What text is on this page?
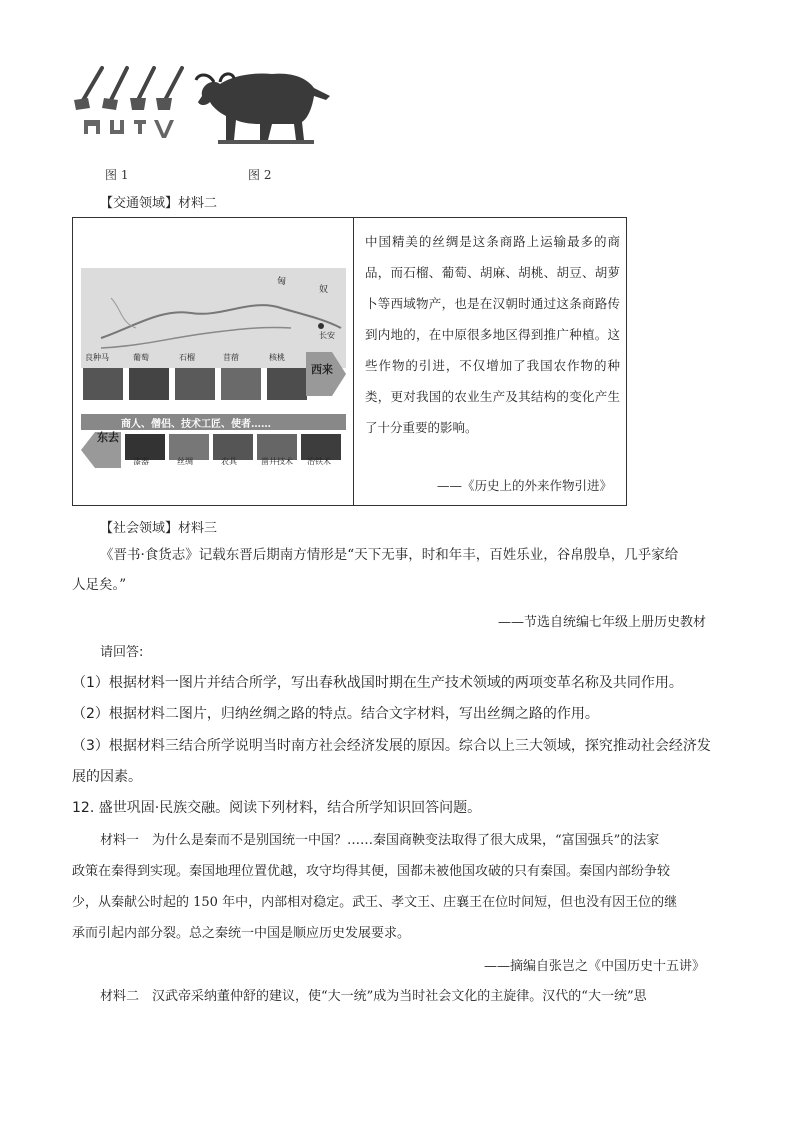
图 1	图 2
【交通领域】材料二
匈
奴
长安
良种马	葡萄	石榴	苜蓿	核桃
西来
商人、僧侣、技术工匠、使者……
东去
漆器	丝绸	农具	凿井技术 冶铁术
中国精美的丝绸是这条商路上运输最多的商品，而石榴、葡萄、胡麻、胡桃、胡豆、胡萝卜等西域物产，也是在汉朝时通过这条商路传到内地的，在中原很多地区得到推广种植。这些作物的引进，不仅增加了我国农作物的种类，更对我国的农业生产及其结构的变化产生了十分重要的影响。
——《历史上的外来作物引进》
【社会领域】材料三
《晋书·食货志》记载东晋后期南方情形是“天下无事，时和年丰，百姓乐业，谷帛殷阜，几乎家给
人足矣。”
——节选自统编七年级上册历史教材
请回答:
（1）根据材料一图片并结合所学，写出春秋战国时期在生产技术领域的两项变革名称及共同作用。
（2）根据材料二图片，归纳丝绸之路的特点。结合文字材料，写出丝绸之路的作用。
（3）根据材料三结合所学说明当时南方社会经济发展的原因。综合以上三大领域，探究推动社会经济发
展的因素。
12. 盛世巩固·民族交融。阅读下列材料，结合所学知识回答问题。
材料一　为什么是秦而不是别国统一中国？……秦国商鞅变法取得了很大成果，“富国强兵”的法家
政策在秦得到实现。秦国地理位置优越，攻守均得其便，国都未被他国攻破的只有秦国。秦国内部纷争较
少，从秦献公时起的 150 年中，内部相对稳定。武王、孝文王、庄襄王在位时间短，但也没有因王位的继
承而引起内部分裂。总之秦统一中国是顺应历史发展要求。
——摘编自张岂之《中国历史十五讲》
材料二　汉武帝采纳董仲舒的建议，使“大一统”成为当时社会文化的主旋律。汉代的“大一统”思
